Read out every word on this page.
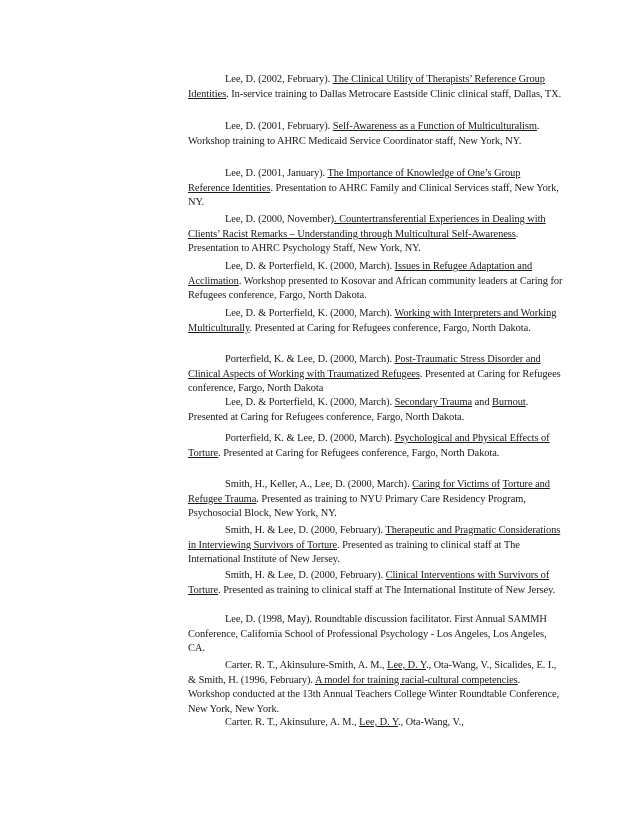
Lee, D. (2002, February). The Clinical Utility of Therapists’ Reference Group Identities. In-service training to Dallas Metrocare Eastside Clinic clinical staff, Dallas, TX.

Lee, D. (2001, February). Self-Awareness as a Function of Multiculturalism. Workshop training to AHRC Medicaid Service Coordinator staff, New York, NY.

Lee, D. (2001, January). The Importance of Knowledge of One’s Group Reference Identities. Presentation to AHRC Family and Clinical Services staff, New York, NY.

Lee, D. (2000, November). Countertransferential Experiences in Dealing with Clients’ Racist Remarks – Understanding through Multicultural Self-Awareness. Presentation to AHRC Psychology Staff, New York, NY.

Lee, D. & Porterfield, K. (2000, March). Issues in Refugee Adaptation and Acclimation. Workshop presented to Kosovar and African community leaders at Caring for Refugees conference, Fargo, North Dakota.

Lee, D. & Porterfield, K. (2000, March). Working with Interpreters and Working Multiculturally. Presented at Caring for Refugees conference, Fargo, North Dakota.

Porterfield, K. & Lee, D. (2000, March). Post-Traumatic Stress Disorder and Clinical Aspects of Working with Traumatized Refugees. Presented at Caring for Refugees conference, Fargo, North Dakota

Lee, D. & Porterfield, K. (2000, March). Secondary Trauma and Burnout. Presented at Caring for Refugees conference, Fargo, North Dakota.

Porterfield, K. & Lee, D. (2000, March). Psychological and Physical Effects of Torture. Presented at Caring for Refugees conference, Fargo, North Dakota.

Smith, H., Keller, A., Lee, D. (2000, March). Caring for Victims of Torture and Refugee Trauma. Presented as training to NYU Primary Care Residency Program, Psychosocial Block, New York, NY.

Smith, H. & Lee, D. (2000, February). Therapeutic and Pragmatic Considerations in Interviewing Survivors of Torture. Presented as training to clinical staff at The International Institute of New Jersey.

Smith, H. & Lee, D. (2000, February). Clinical Interventions with Survivors of Torture. Presented as training to clinical staff at The International Institute of New Jersey.

Lee, D. (1998, May). Roundtable discussion facilitator. First Annual SAMMH Conference, California School of Professional Psychology - Los Angeles, Los Angeles, CA.

Carter. R. T., Akinsulure-Smith, A. M., Lee, D. Y., Ota-Wang, V., Sicalides, E. I., & Smith, H. (1996, February). A model for training racial-cultural competencies. Workshop conducted at the 13th Annual Teachers College Winter Roundtable Conference, New York, New York.

Carter. R. T., Akinsulure, A. M., Lee, D. Y., Ota-Wang, V.,
